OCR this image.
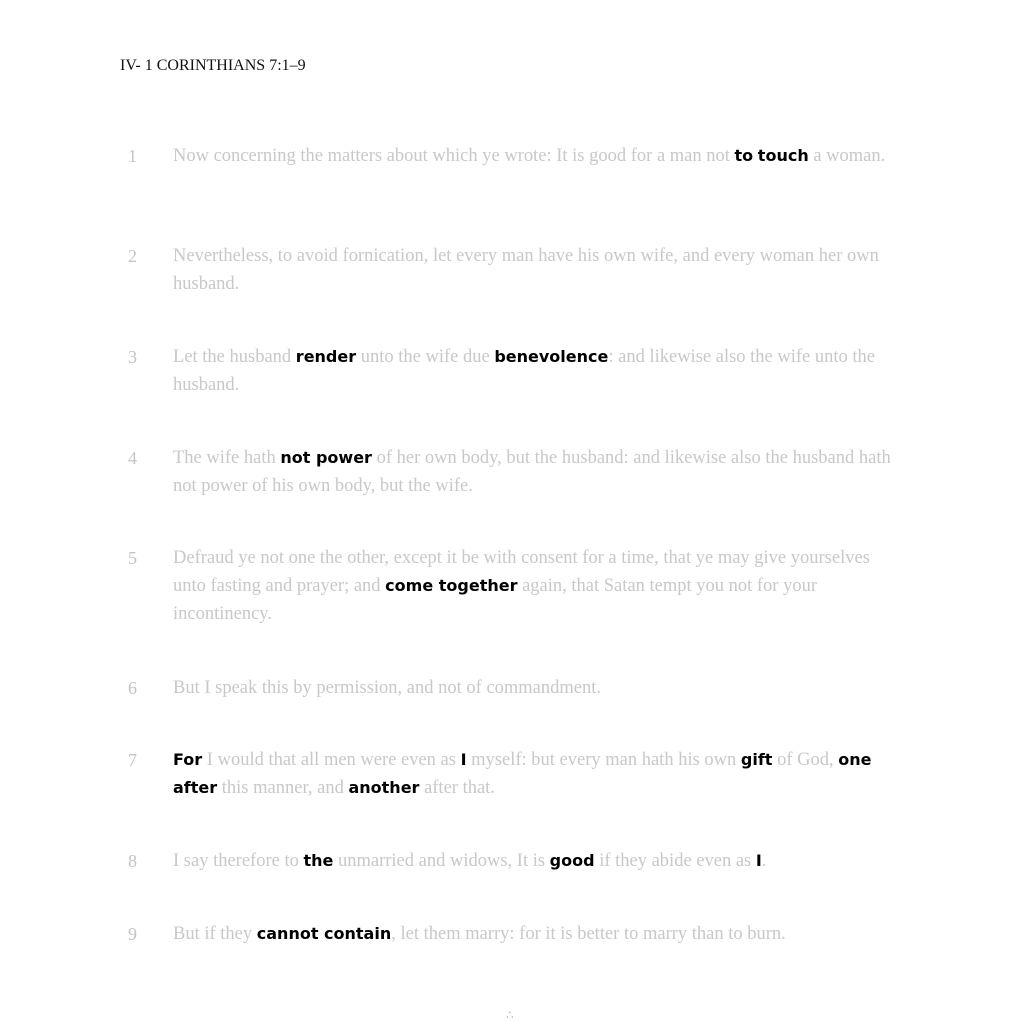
IV- 1 CORINTHIANS 7:1–9
1 Now concerning the matters about which ye wrote: It is good for a man not to touch a woman.
2 Nevertheless, to avoid fornication, let every man have his own wife, and every woman her own husband.
3 Let the husband render unto the wife due benevolence: and likewise also the wife unto the husband.
4 The wife hath not power of her own body, but the husband: and likewise also the husband hath not power of his own body, but the wife.
5 Defraud ye not one the other, except it be with consent for a time, that ye may give yourselves unto fasting and prayer; and come together again, that Satan tempt you not for your incontinency.
6 But I speak this by permission, and not of commandment.
7 For I would that all men were even as I myself: but every man hath his own gift of God, one after this manner, and another after that.
8 I say therefore to the unmarried and widows, It is good if they abide even as I.
9 But if they cannot contain, let them marry: for it is better to marry than to burn.
∴
